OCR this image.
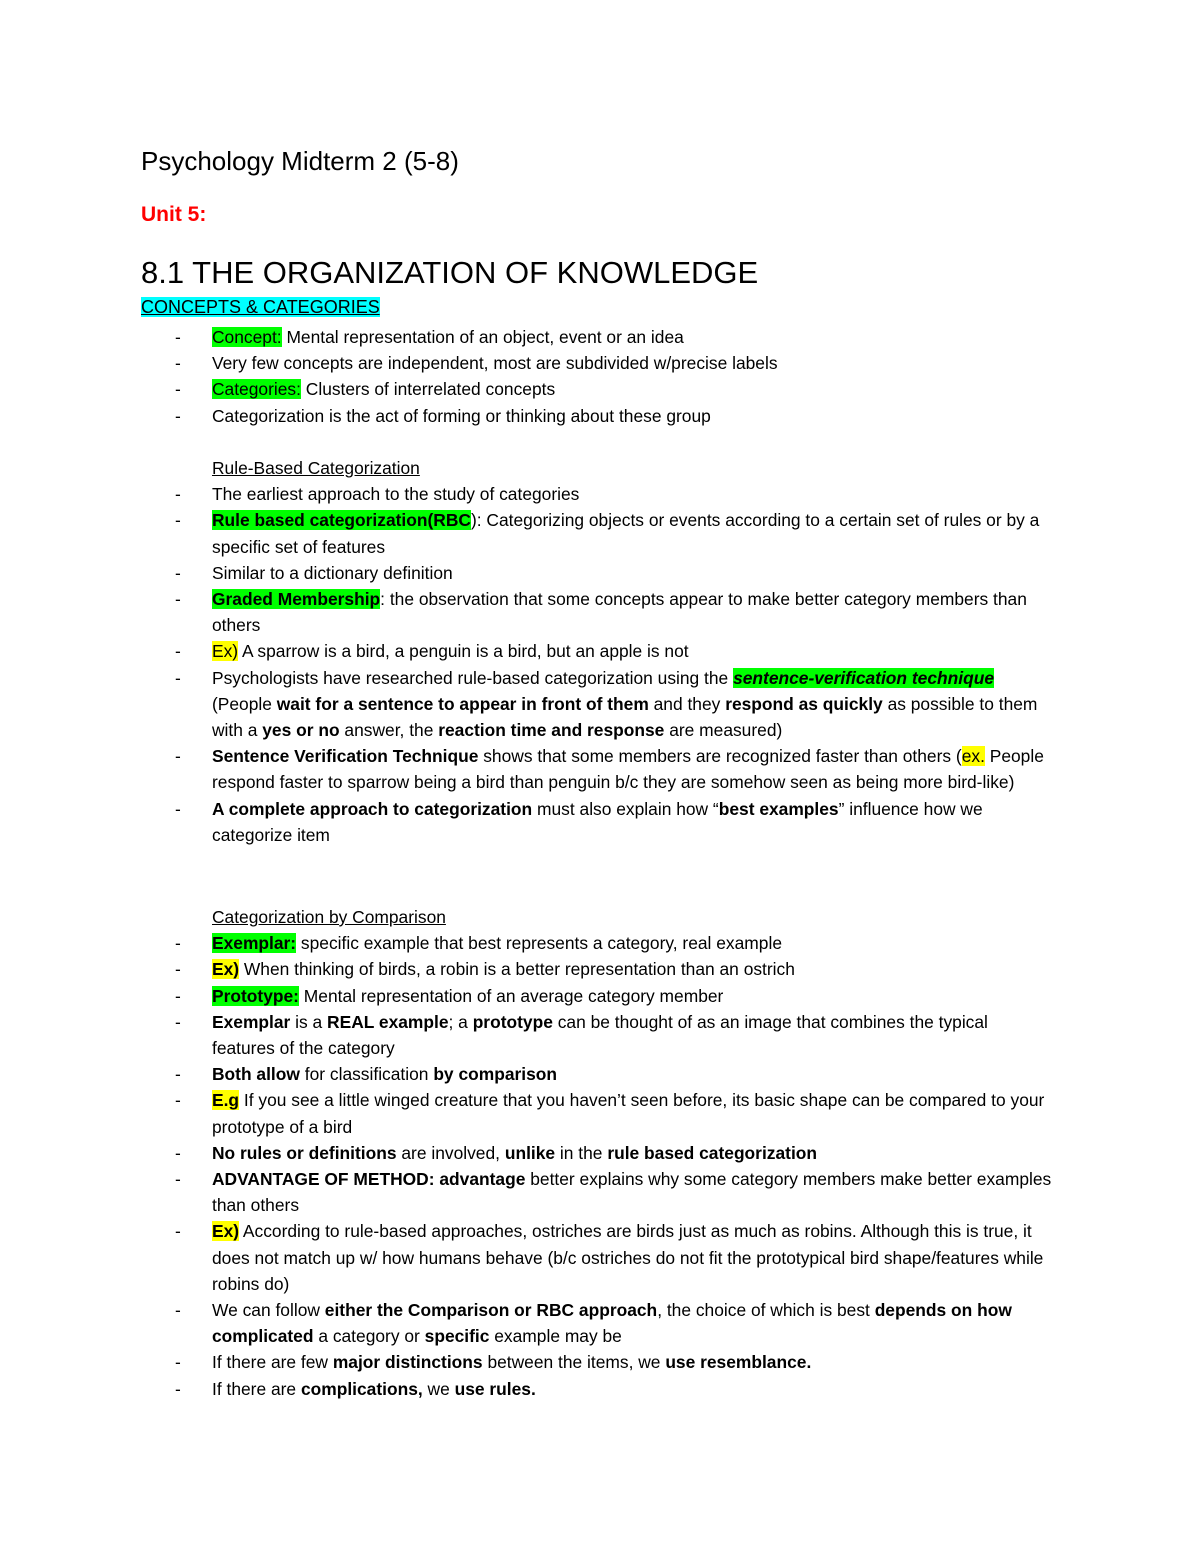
Psychology Midterm 2 (5-8)
Unit 5:
8.1 THE ORGANIZATION OF KNOWLEDGE
CONCEPTS & CATEGORIES
- Concept: Mental representation of an object, event or an idea
- Very few concepts are independent, most are subdivided w/precise labels
- Categories: Clusters of interrelated concepts
- Categorization is the act of forming or thinking about these group
Rule-Based Categorization
- The earliest approach to the study of categories
- Rule based categorization(RBC): Categorizing objects or events according to a certain set of rules or by a specific set of features
- Similar to a dictionary definition
- Graded Membership: the observation that some concepts appear to make better category members than others
- Ex) A sparrow is a bird, a penguin is a bird, but an apple is not
- Psychologists have researched rule-based categorization using the sentence-verification technique (People wait for a sentence to appear in front of them and they respond as quickly as possible to them with a yes or no answer, the reaction time and response are measured)
- Sentence Verification Technique shows that some members are recognized faster than others (ex. People respond faster to sparrow being a bird than penguin b/c they are somehow seen as being more bird-like)
- A complete approach to categorization must also explain how “best examples” influence how we categorize item
Categorization by Comparison
- Exemplar: specific example that best represents a category, real example
- Ex) When thinking of birds, a robin is a better representation than an ostrich
- Prototype: Mental representation of an average category member
- Exemplar is a REAL example; a prototype can be thought of as an image that combines the typical features of the category
- Both allow for classification by comparison
- E.g If you see a little winged creature that you haven’t seen before, its basic shape can be compared to your prototype of a bird
- No rules or definitions are involved, unlike in the rule based categorization
- ADVANTAGE OF METHOD: advantage better explains why some category members make better examples than others
- Ex) According to rule-based approaches, ostriches are birds just as much as robins. Although this is true, it does not match up w/ how humans behave (b/c ostriches do not fit the prototypical bird shape/features while robins do)
- We can follow either the Comparison or RBC approach, the choice of which is best depends on how complicated a category or specific example may be
- If there are few major distinctions between the items, we use resemblance.
- If there are complications, we use rules.
